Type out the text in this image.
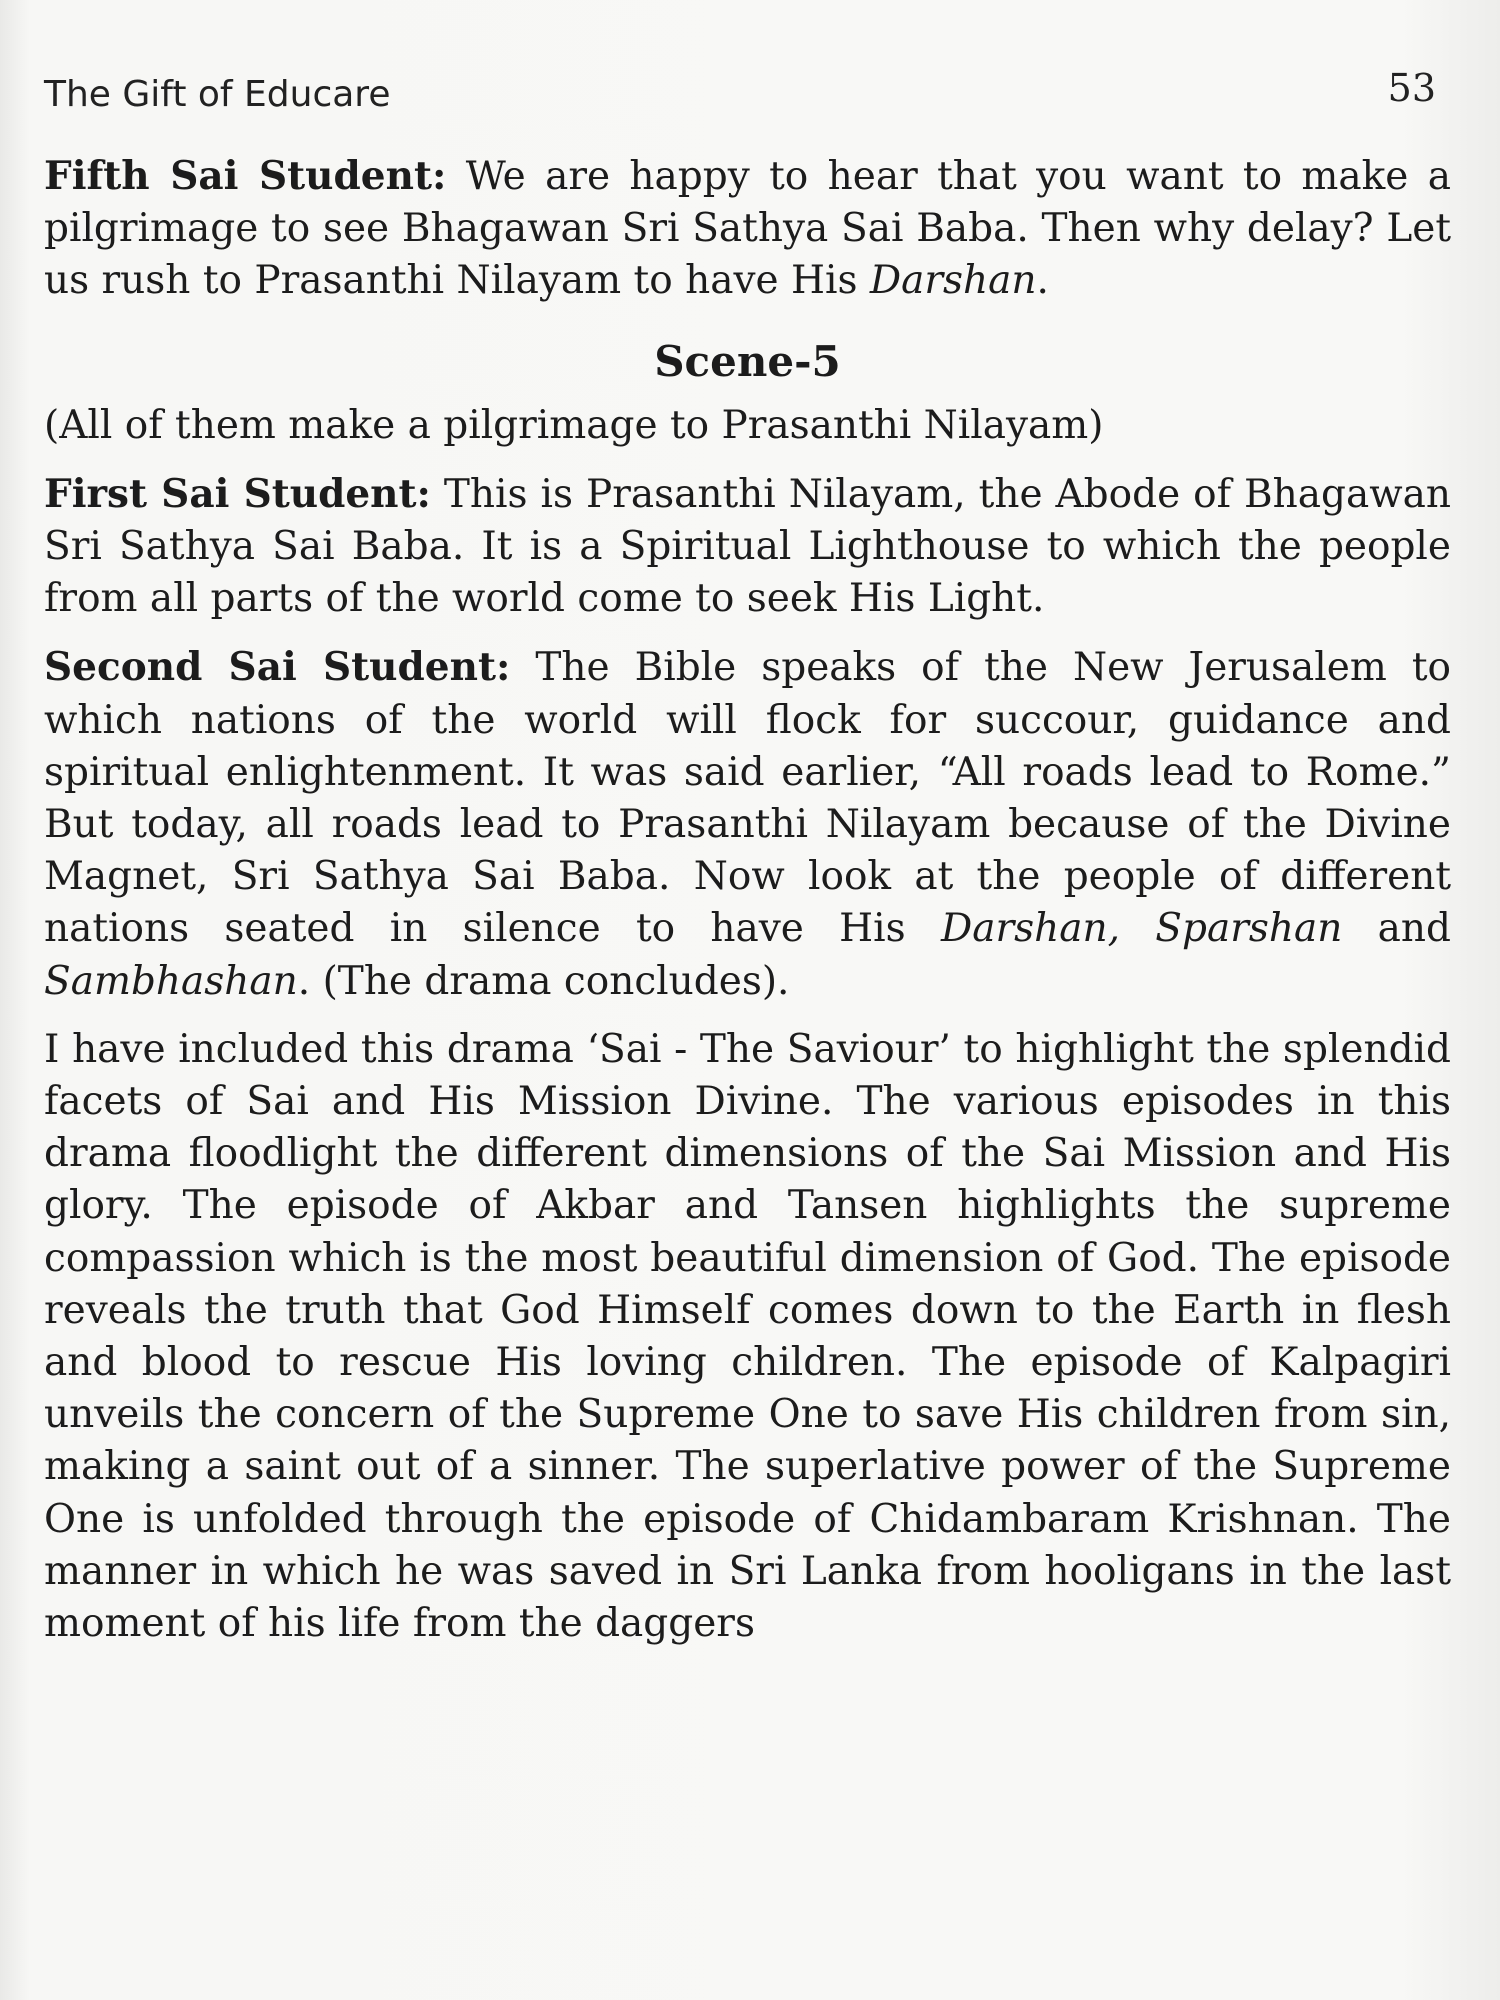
The Gift of Educare	53

Fifth Sai Student: We are happy to hear that you want to make a pilgrimage to see Bhagawan Sri Sathya Sai Baba. Then why delay? Let us rush to Prasanthi Nilayam to have His Darshan.

Scene-5

(All of them make a pilgrimage to Prasanthi Nilayam)

First Sai Student: This is Prasanthi Nilayam, the Abode of Bhagawan Sri Sathya Sai Baba. It is a Spiritual Lighthouse to which the people from all parts of the world come to seek His Light.

Second Sai Student: The Bible speaks of the New Jerusalem to which nations of the world will flock for succour, guidance and spiritual enlightenment. It was said earlier, “All roads lead to Rome.” But today, all roads lead to Prasanthi Nilayam because of the Divine Magnet, Sri Sathya Sai Baba. Now look at the people of different nations seated in silence to have His Darshan, Sparshan and Sambhashan. (The drama concludes).

I have included this drama ‘Sai - The Saviour’ to highlight the splendid facets of Sai and His Mission Divine. The various episodes in this drama floodlight the different dimensions of the Sai Mission and His glory. The episode of Akbar and Tansen highlights the supreme compassion which is the most beautiful dimension of God. The episode reveals the truth that God Himself comes down to the Earth in flesh and blood to rescue His loving children. The episode of Kalpagiri unveils the concern of the Supreme One to save His children from sin, making a saint out of a sinner. The superlative power of the Supreme One is unfolded through the episode of Chidambaram Krishnan. The manner in which he was saved in Sri Lanka from hooligans in the last moment of his life from the daggers
